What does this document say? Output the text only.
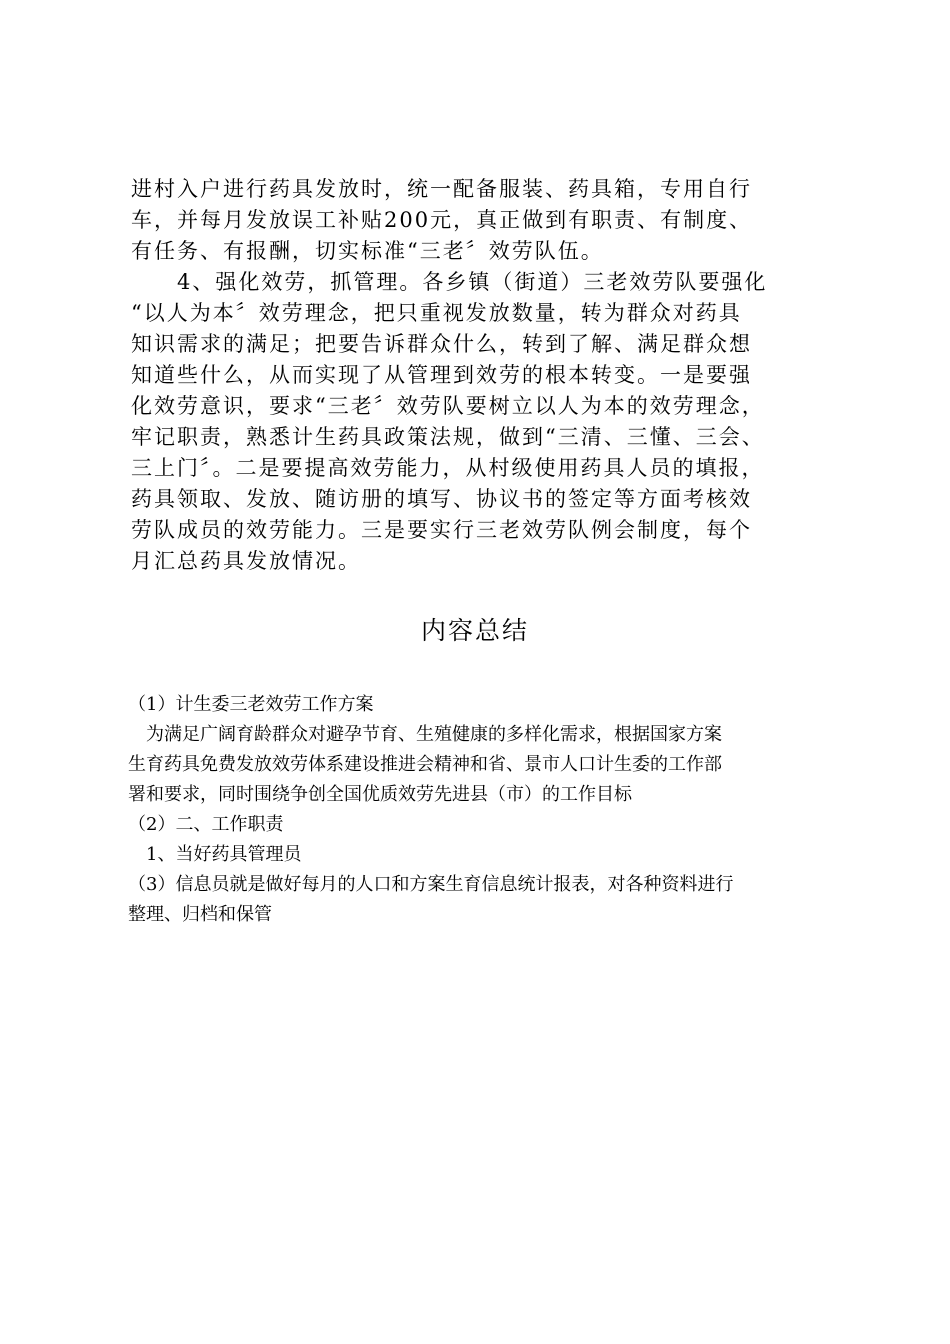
进村入户进行药具发放时，统一配备服装、药具箱，专用自行
车，并每月发放误工补贴200元，真正做到有职责、有制度、
有任务、有报酬，切实标准“三老〞效劳队伍。
　　4、强化效劳，抓管理。各乡镇（街道）三老效劳队要强化
“以人为本〞效劳理念，把只重视发放数量，转为群众对药具
知识需求的满足；把要告诉群众什么，转到了解、满足群众想
知道些什么，从而实现了从管理到效劳的根本转变。一是要强
化效劳意识，要求“三老〞效劳队要树立以人为本的效劳理念，
牢记职责，熟悉计生药具政策法规，做到“三清、三懂、三会、
三上门〞。二是要提高效劳能力，从村级使用药具人员的填报，
药具领取、发放、随访册的填写、协议书的签定等方面考核效
劳队成员的效劳能力。三是要实行三老效劳队例会制度，每个
月汇总药具发放情况。
内容总结
（1）计生委三老效劳工作方案
　为满足广阔育龄群众对避孕节育、生殖健康的多样化需求，根据国家方案
生育药具免费发放效劳体系建设推进会精神和省、景市人口计生委的工作部
署和要求，同时围绕争创全国优质效劳先进县（市）的工作目标
（2）二、工作职责
　1、当好药具管理员
（3）信息员就是做好每月的人口和方案生育信息统计报表，对各种资料进行
整理、归档和保管
